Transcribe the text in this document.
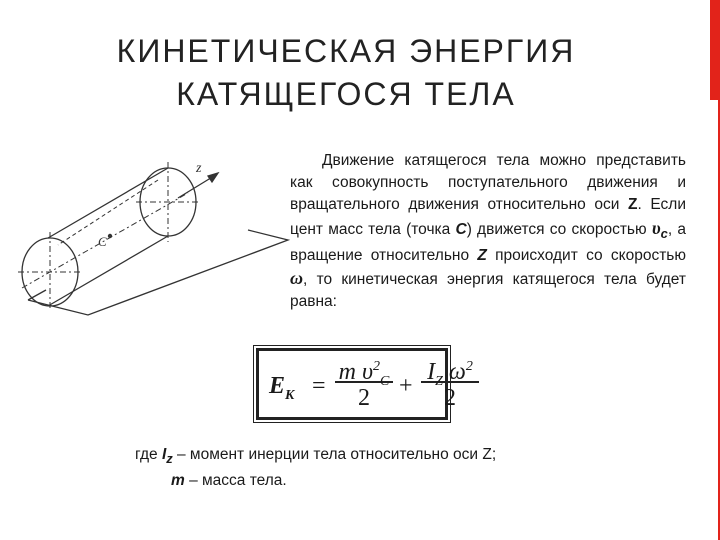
КИНЕТИЧЕСКАЯ ЭНЕРГИЯ
КАТЯЩЕГОСЯ ТЕЛА
z
C

Движение катящегося тела можно представить как совокупность поступательного движения и вращательного движения относительно оси Z. Если цент масс тела (точка С) движется со скоростью $\upsilon_с$, а вращение относительно Z происходит со скоростью ω, то кинетическая энергия катящегося тела будет равна:

$E_K$ =
m $\upsilon^2_C$
2	+
$I_Z$ $\omega^2$
2

где $I_z$ – момент инерции тела относительно оси Z;
m – масса тела.
